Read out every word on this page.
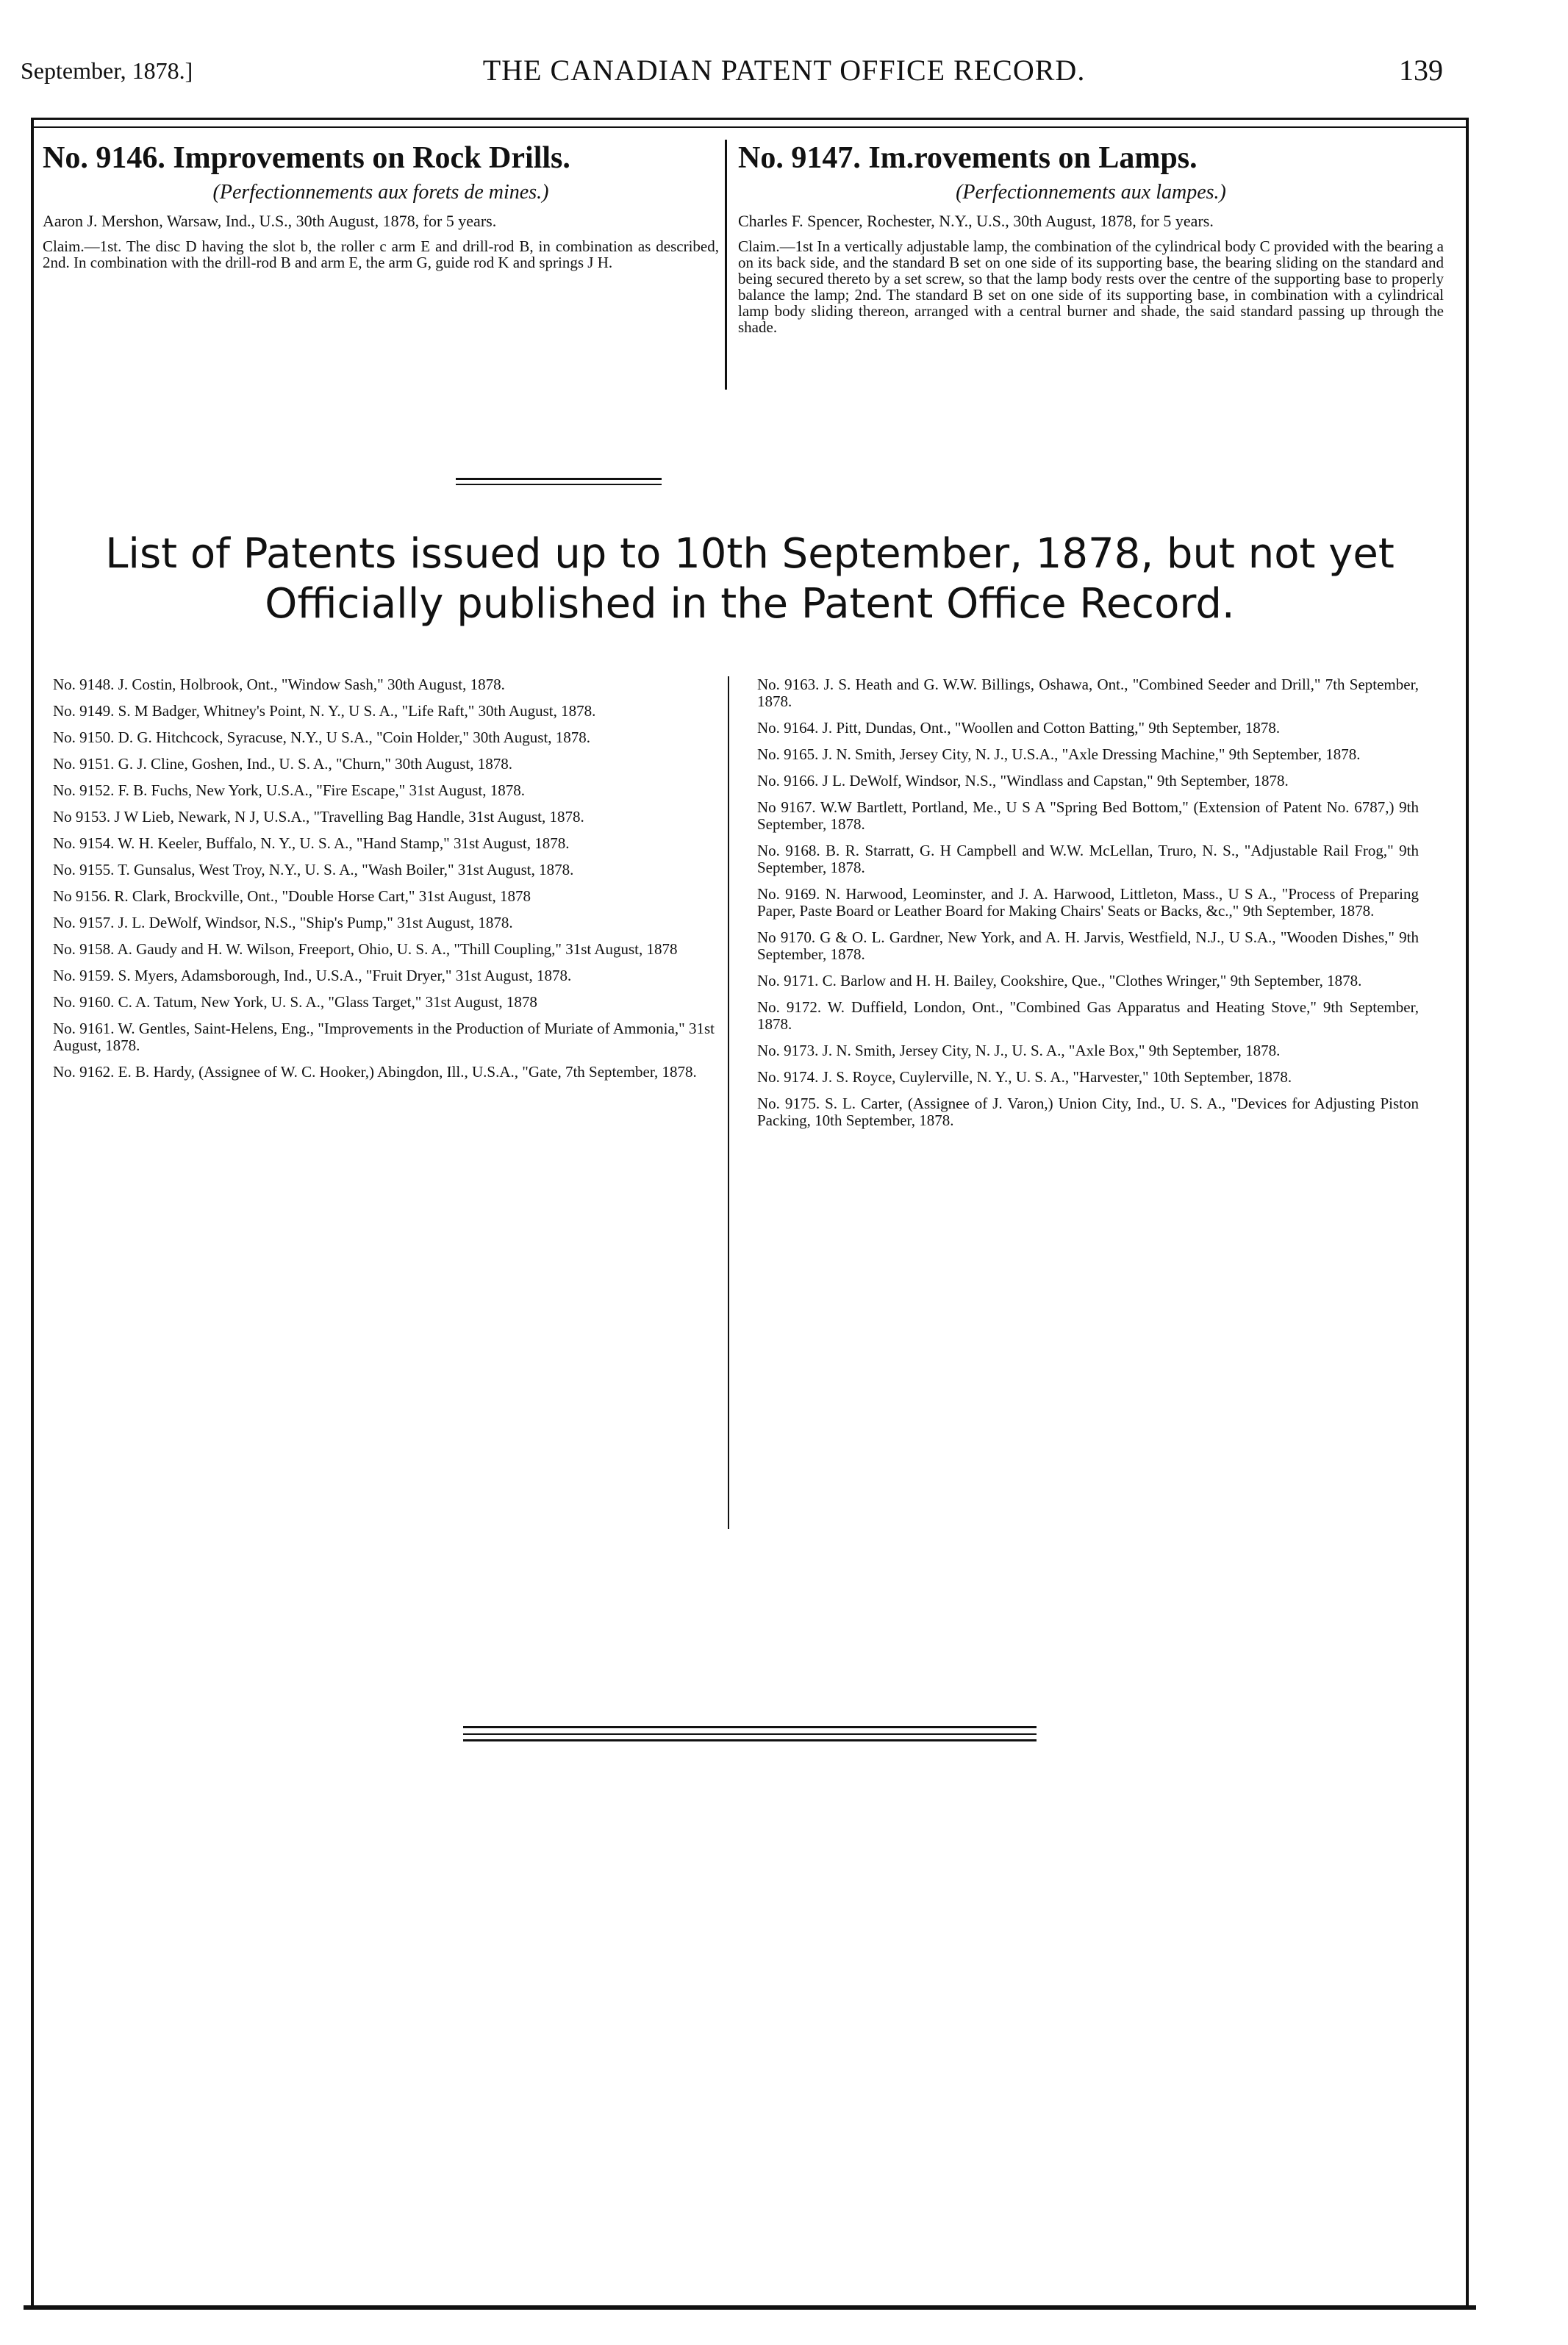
September, 1878.]	THE CANADIAN PATENT OFFICE RECORD.	139

No. 9146. Improvements on Rock Drills.

(Perfectionnements aux forets de mines.)

Aaron J. Mershon, Warsaw, Ind., U.S., 30th August, 1878, for 5 years.

Claim.—1st. The disc D having the slot b, the roller c arm E and drill-rod B, in combination as described, 2nd. In combination with the drill-rod B and arm E, the arm G, guide rod K and springs J H.

No. 9147. Im.rovements on Lamps.

(Perfectionnements aux lampes.)

Charles F. Spencer, Rochester, N.Y., U.S., 30th August, 1878, for 5 years.

Claim.—1st In a vertically adjustable lamp, the combination of the cylindrical body C provided with the bearing a on its back side, and the standard B set on one side of its supporting base, the bearing sliding on the standard and being secured thereto by a set screw, so that the lamp body rests over the centre of the supporting base to properly balance the lamp; 2nd. The standard B set on one side of its supporting base, in combination with a cylindrical lamp body sliding thereon, arranged with a central burner and shade, the said standard passing up through the shade.

List of Patents issued up to 10th September, 1878, but not yet
Officially published in the Patent Office Record.

No. 9148. J. Costin, Holbrook, Ont., "Window Sash," 30th August, 1878.

No. 9149. S. M Badger, Whitney's Point, N. Y., U S. A., "Life Raft," 30th August, 1878.

No. 9150. D. G. Hitchcock, Syracuse, N.Y., U S.A., "Coin Holder," 30th August, 1878.

No. 9151. G. J. Cline, Goshen, Ind., U. S. A., "Churn," 30th August, 1878.

No. 9152. F. B. Fuchs, New York, U.S.A., "Fire Escape," 31st August, 1878.

No 9153. J W Lieb, Newark, N J, U.S.A., "Travelling Bag Handle, 31st August, 1878.

No. 9154. W. H. Keeler, Buffalo, N. Y., U. S. A., "Hand Stamp," 31st August, 1878.

No. 9155. T. Gunsalus, West Troy, N.Y., U. S. A., "Wash Boiler," 31st August, 1878.

No 9156. R. Clark, Brockville, Ont., "Double Horse Cart," 31st August, 1878

No. 9157. J. L. DeWolf, Windsor, N.S., "Ship's Pump," 31st August, 1878.

No. 9158. A. Gaudy and H. W. Wilson, Freeport, Ohio, U. S. A., "Thill Coupling," 31st August, 1878

No. 9159. S. Myers, Adamsborough, Ind., U.S.A., "Fruit Dryer," 31st August, 1878.

No. 9160. C. A. Tatum, New York, U. S. A., "Glass Target," 31st August, 1878

No. 9161. W. Gentles, Saint-Helens, Eng., "Improvements in the Production of Muriate of Ammonia," 31st August, 1878.

No. 9162. E. B. Hardy, (Assignee of W. C. Hooker,) Abingdon, Ill., U.S.A., "Gate, 7th September, 1878.

No. 9163. J. S. Heath and G. W.W. Billings, Oshawa, Ont., "Combined Seeder and Drill," 7th September, 1878.

No. 9164. J. Pitt, Dundas, Ont., "Woollen and Cotton Batting," 9th September, 1878.

No. 9165. J. N. Smith, Jersey City, N. J., U.S.A., "Axle Dressing Machine," 9th September, 1878.

No. 9166. J L. DeWolf, Windsor, N.S., "Windlass and Capstan," 9th September, 1878.

No 9167. W.W Bartlett, Portland, Me., U S A "Spring Bed Bottom," (Extension of Patent No. 6787,) 9th September, 1878.

No. 9168. B. R. Starratt, G. H Campbell and W.W. McLellan, Truro, N. S., "Adjustable Rail Frog," 9th September, 1878.

No. 9169. N. Harwood, Leominster, and J. A. Harwood, Littleton, Mass., U S A., "Process of Preparing Paper, Paste Board or Leather Board for Making Chairs' Seats or Backs, &c.," 9th September, 1878.

No 9170. G & O. L. Gardner, New York, and A. H. Jarvis, Westfield, N.J., U S.A., "Wooden Dishes," 9th September, 1878.

No. 9171. C. Barlow and H. H. Bailey, Cookshire, Que., "Clothes Wringer," 9th September, 1878.

No. 9172. W. Duffield, London, Ont., "Combined Gas Apparatus and Heating Stove," 9th September, 1878.

No. 9173. J. N. Smith, Jersey City, N. J., U. S. A., "Axle Box," 9th September, 1878.

No. 9174. J. S. Royce, Cuylerville, N. Y., U. S. A., "Harvester," 10th September, 1878.

No. 9175. S. L. Carter, (Assignee of J. Varon,) Union City, Ind., U. S. A., "Devices for Adjusting Piston Packing, 10th September, 1878.
